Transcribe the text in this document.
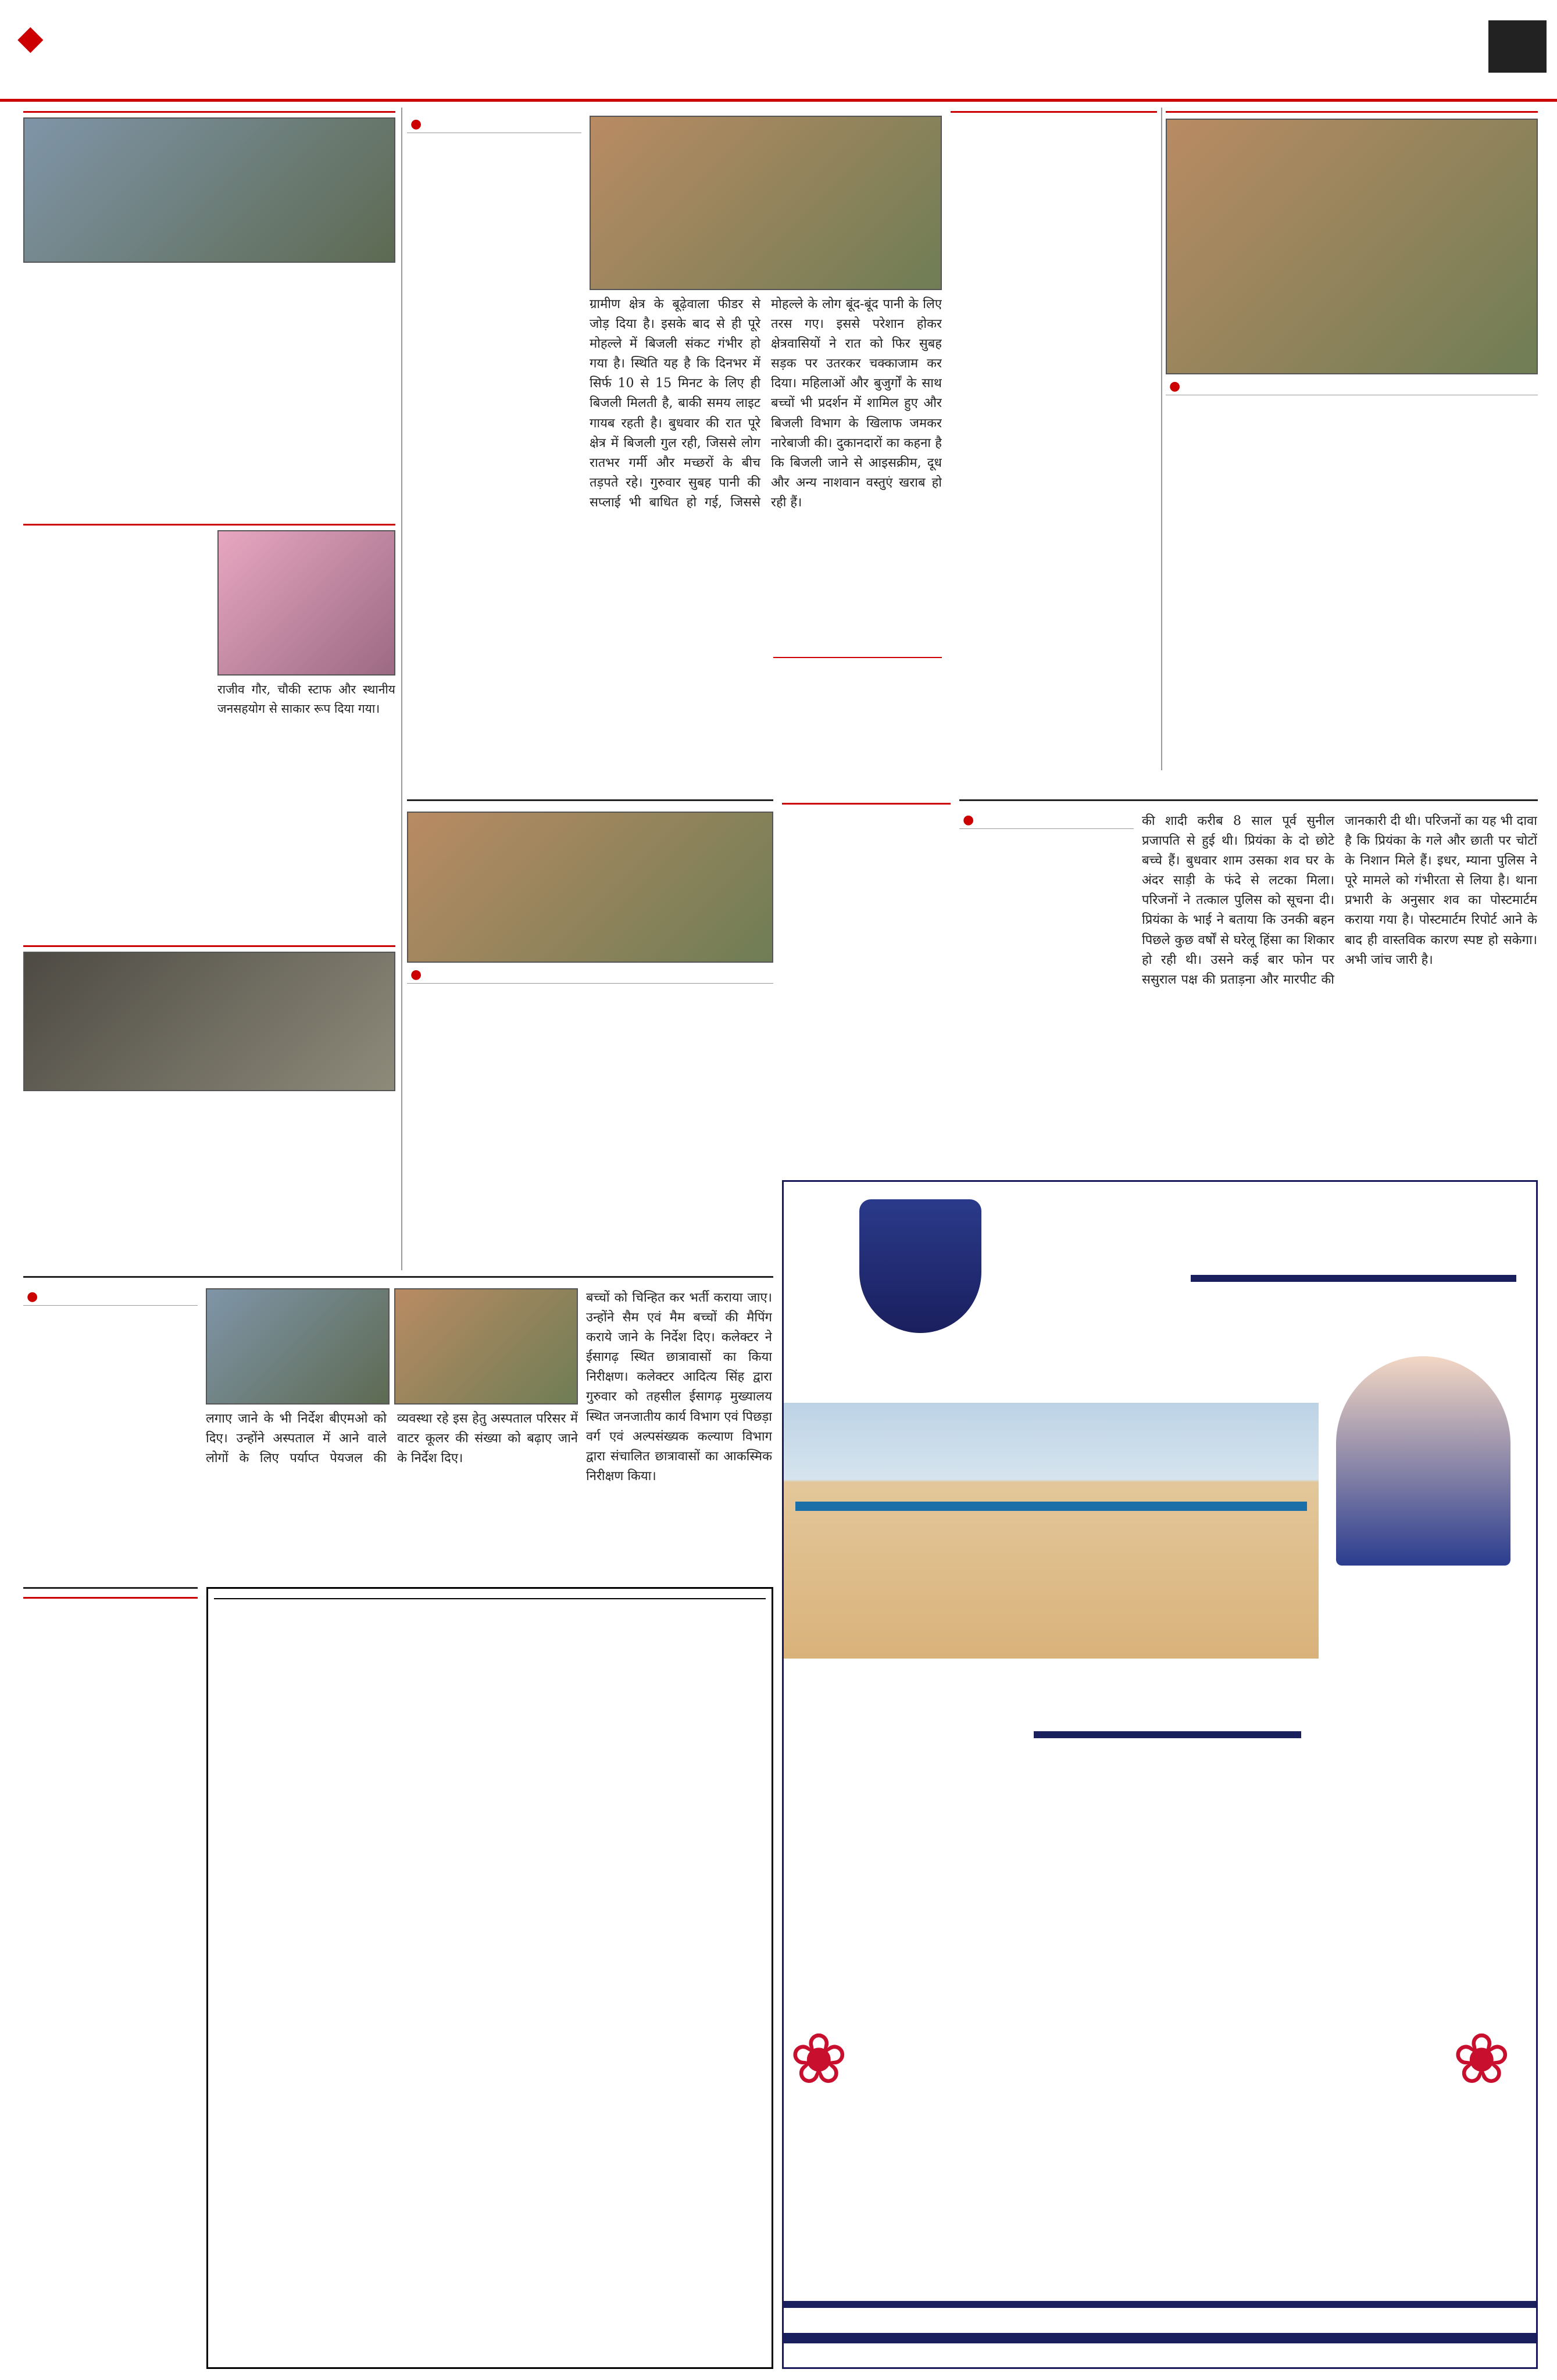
◆
राजीव गौर, चौकी स्टाफ और स्थानीय जनसहयोग से साकार रूप दिया गया।
●
ग्रामीण क्षेत्र के बूढ़ेवाला फीडर से जोड़ दिया है। इसके बाद से ही पूरे मोहल्ले में बिजली संकट गंभीर हो गया है। स्थिति यह है कि दिनभर में सिर्फ 10 से 15 मिनट के लिए ही बिजली मिलती है, बाकी समय लाइट गायब रहती है। बुधवार की रात पूरे क्षेत्र में बिजली गुल रही, जिससे लोग रातभर गर्मी और मच्छरों के बीच तड़पते रहे। गुरुवार सुबह पानी की सप्लाई भी बाधित हो गई, जिससे मोहल्ले के लोग बूंद-बूंद पानी के लिए तरस गए। इससे परेशान होकर क्षेत्रवासियों ने रात को फिर सुबह सड़क पर उतरकर चक्काजाम कर दिया। महिलाओं और बुजुर्गों के साथ बच्चों भी प्रदर्शन में शामिल हुए और बिजली विभाग के खिलाफ जमकर नारेबाजी की। दुकानदारों का कहना है कि बिजली जाने से आइसक्रीम, दूध और अन्य नाशवान वस्तुएं खराब हो रही हैं।
●
●
●	की शादी करीब 8 साल पूर्व सुनील प्रजापति से हुई थी। प्रियंका के दो छोटे बच्चे हैं। बुधवार शाम उसका शव घर के अंदर साड़ी के फंदे से लटका मिला। परिजनों ने तत्काल पुलिस को सूचना दी। प्रियंका के भाई ने बताया कि उनकी बहन पिछले कुछ वर्षों से घरेलू हिंसा का शिकार हो रही थी। उसने कई बार फोन पर ससुराल पक्ष की प्रताड़ना और मारपीट की जानकारी दी थी। परिजनों का यह भी दावा है कि प्रियंका के गले और छाती पर चोटों के निशान मिले हैं। इधर, म्याना पुलिस ने पूरे मामले को गंभीरता से लिया है। थाना प्रभारी के अनुसार शव का पोस्टमार्टम कराया गया है। पोस्टमार्टम रिपोर्ट आने के बाद ही वास्तविक कारण स्पष्ट हो सकेगा। अभी जांच जारी है।
●
लगाए जाने के भी निर्देश बीएमओ को दिए। उन्होंने अस्पताल में आने वाले लोगों के लिए पर्याप्त पेयजल की व्यवस्था रहे इस हेतु अस्पताल परिसर में वाटर कूलर की संख्या को बढ़ाए जाने के निर्देश दिए।
बच्चों को चिन्हित कर भर्ती कराया जाए। उन्होंने सैम एवं मैम बच्चों की मैपिंग कराये जाने के निर्देश दिए। कलेक्टर ने ईसागढ़ स्थित छात्रावासों का किया निरीक्षण। कलेक्टर आदित्य सिंह द्वारा गुरुवार को तहसील ईसागढ़ मुख्यालय स्थित जनजातीय कार्य विभाग एवं पिछड़ा वर्ग एवं अल्पसंख्यक कल्याण विभाग द्वारा संचालित छात्रावासों का आकस्मिक निरीक्षण किया।

❀	❀
